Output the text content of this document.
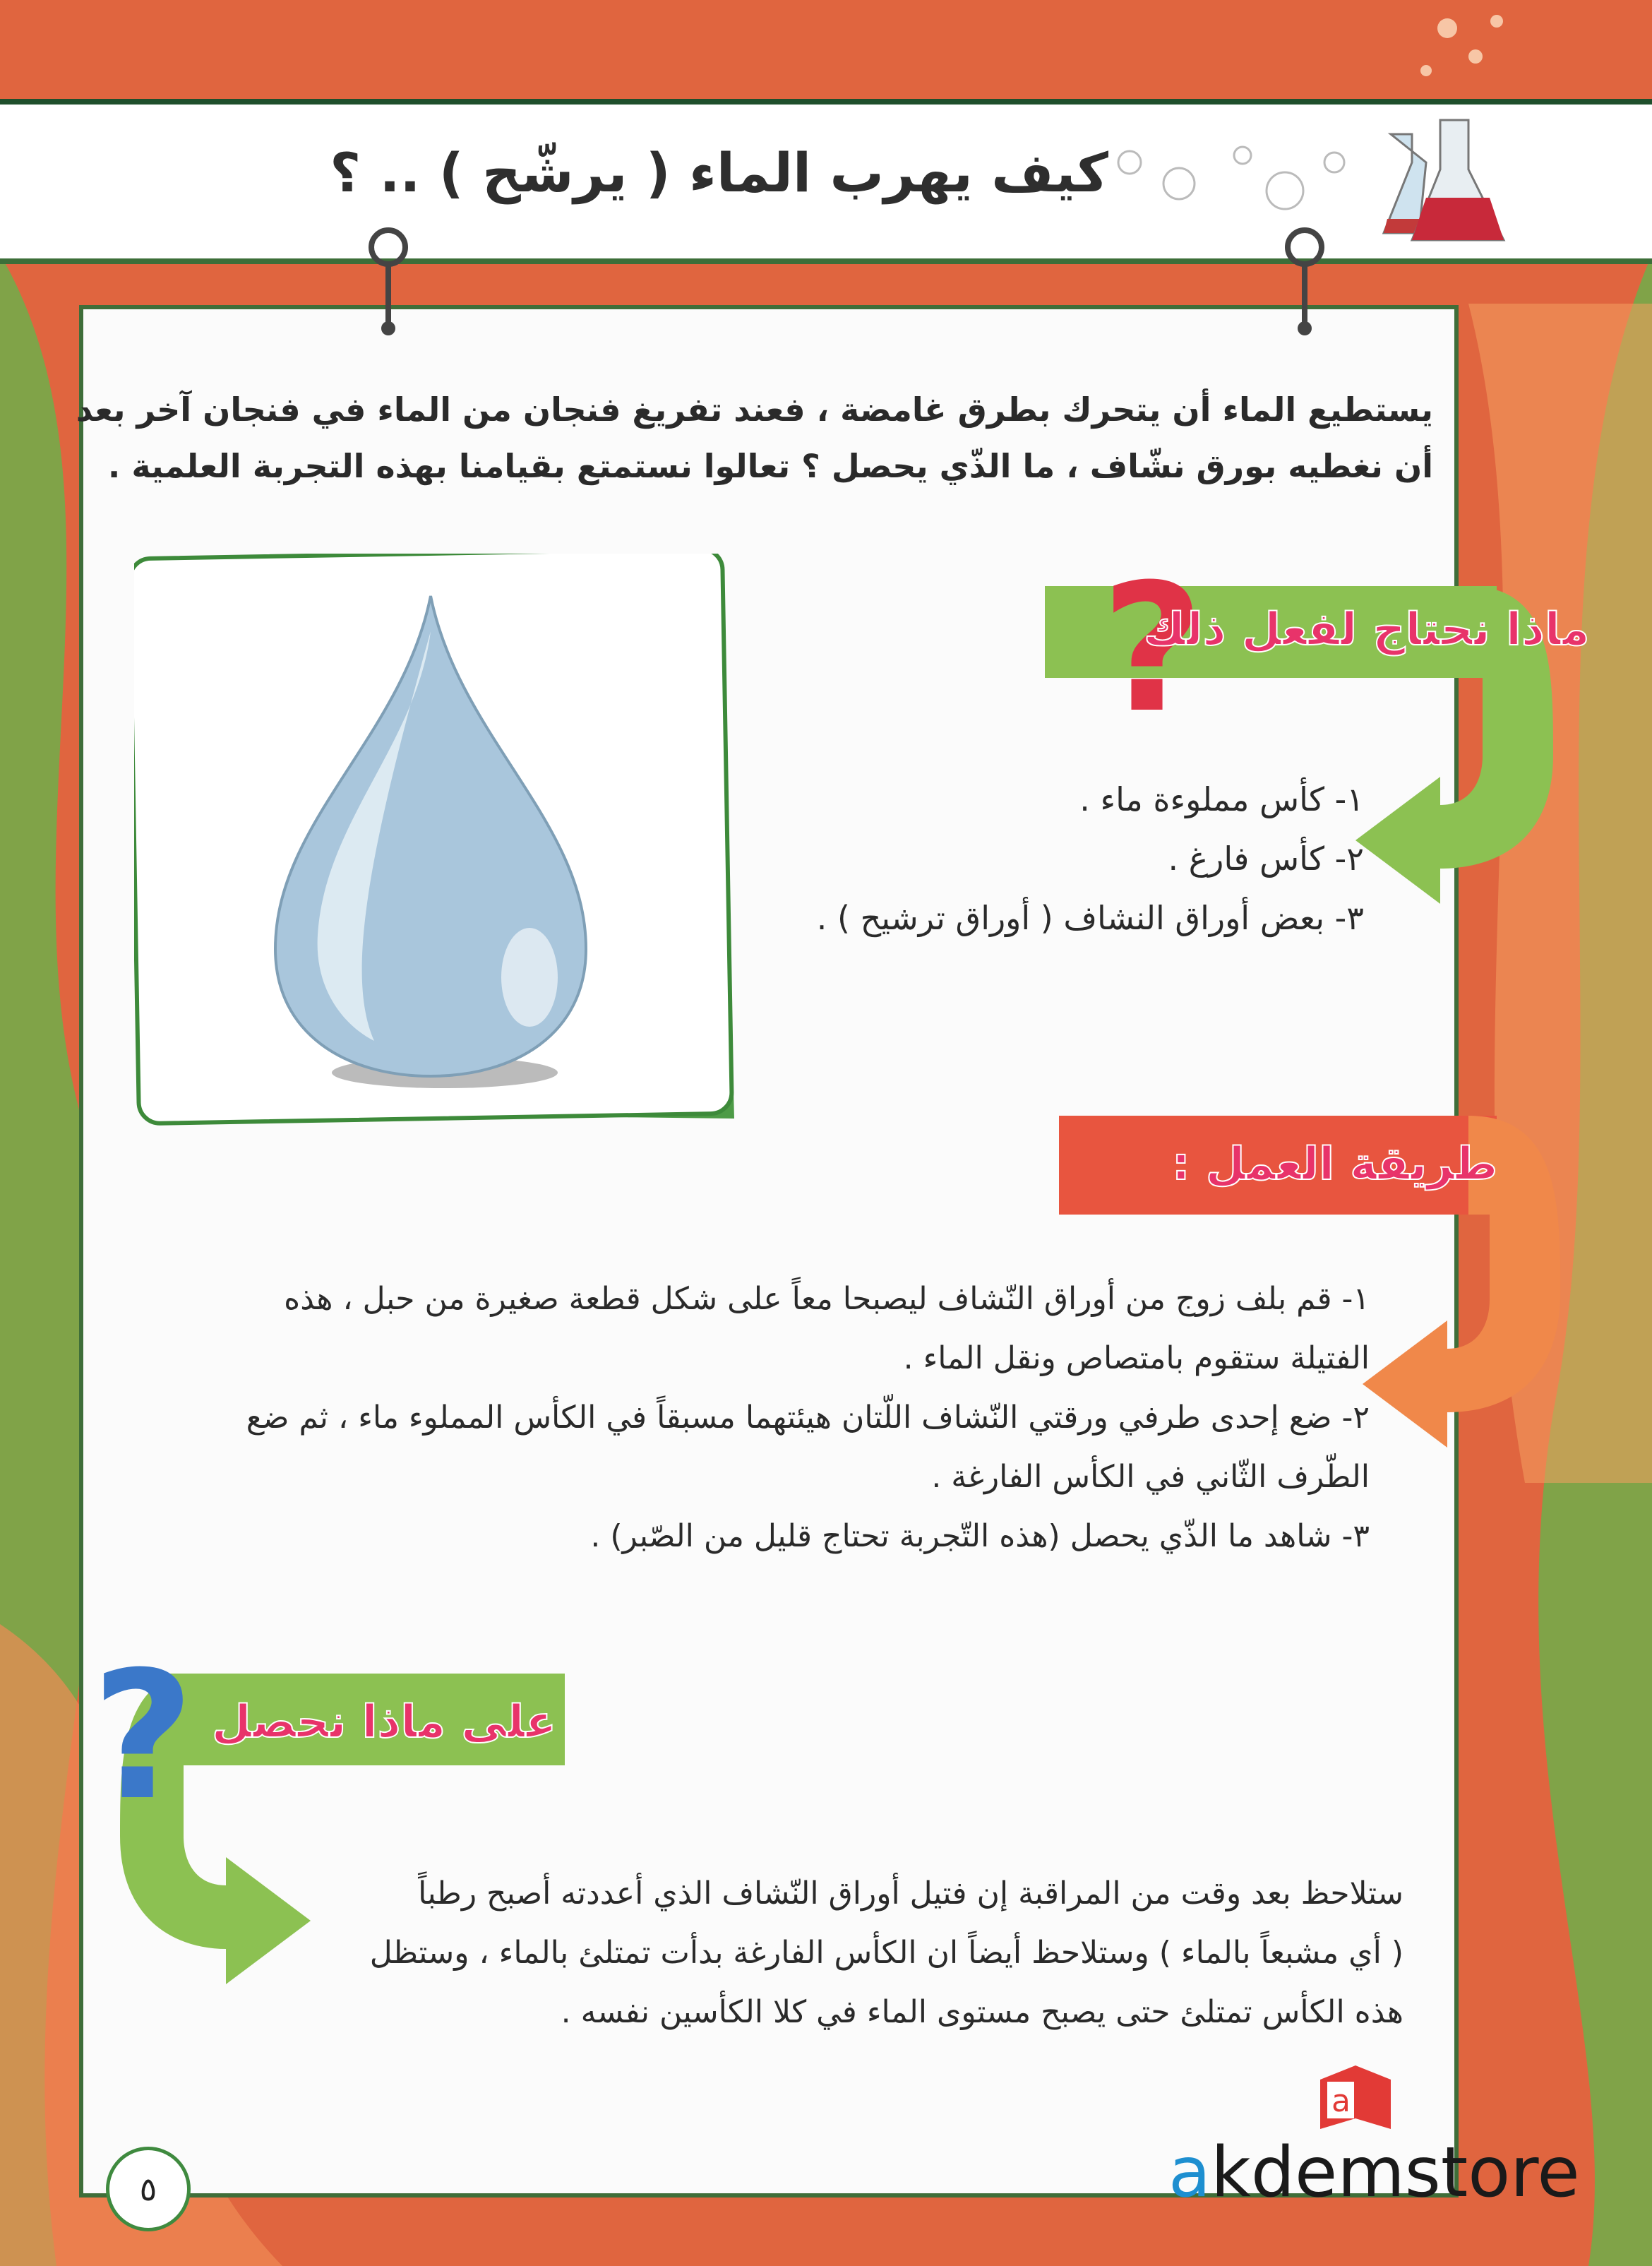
كيف يهرب الماء ( يرشّح ) .. ؟
يستطيع الماء أن يتحرك بطرق غامضة ، فعند تفريغ فنجان من الماء في فنجان آخر بعد
أن نغطيه بورق نشّاف ، ما الذّي يحصل ؟ تعالوا نستمتع بقيامنا بهذه التجربة العلمية .
?
ماذا نحتاج لفعل ذلك
١- كأس مملوءة ماء .
٢- كأس فارغ .
٣- بعض أوراق النشاف ( أوراق ترشيح ) .
طريقة العمل :
١- قم بلف زوج من أوراق النّشاف ليصبحا معاً على شكل قطعة صغيرة من حبل ، هذه
الفتيلة ستقوم بامتصاص ونقل الماء .
٢- ضع إحدى طرفي ورقتي النّشاف اللّتان هيئتهما مسبقاً في الكأس المملوء ماء ، ثم ضع
الطّرف الثّاني في الكأس الفارغة .
٣- شاهد ما الذّي يحصل (هذه التّجربة تحتاج قليل من الصّبر) .
? على ماذا نحصل
ستلاحظ بعد وقت من المراقبة إن فتيل أوراق النّشاف الذي أعددته أصبح رطباً
( أي مشبعاً بالماء ) وستلاحظ أيضاً ان الكأس الفارغة بدأت تمتلئ بالماء ، وستظل
هذه الكأس تمتلئ حتى يصبح مستوى الماء في كلا الكأسين نفسه .
٥
a
akdemstore
